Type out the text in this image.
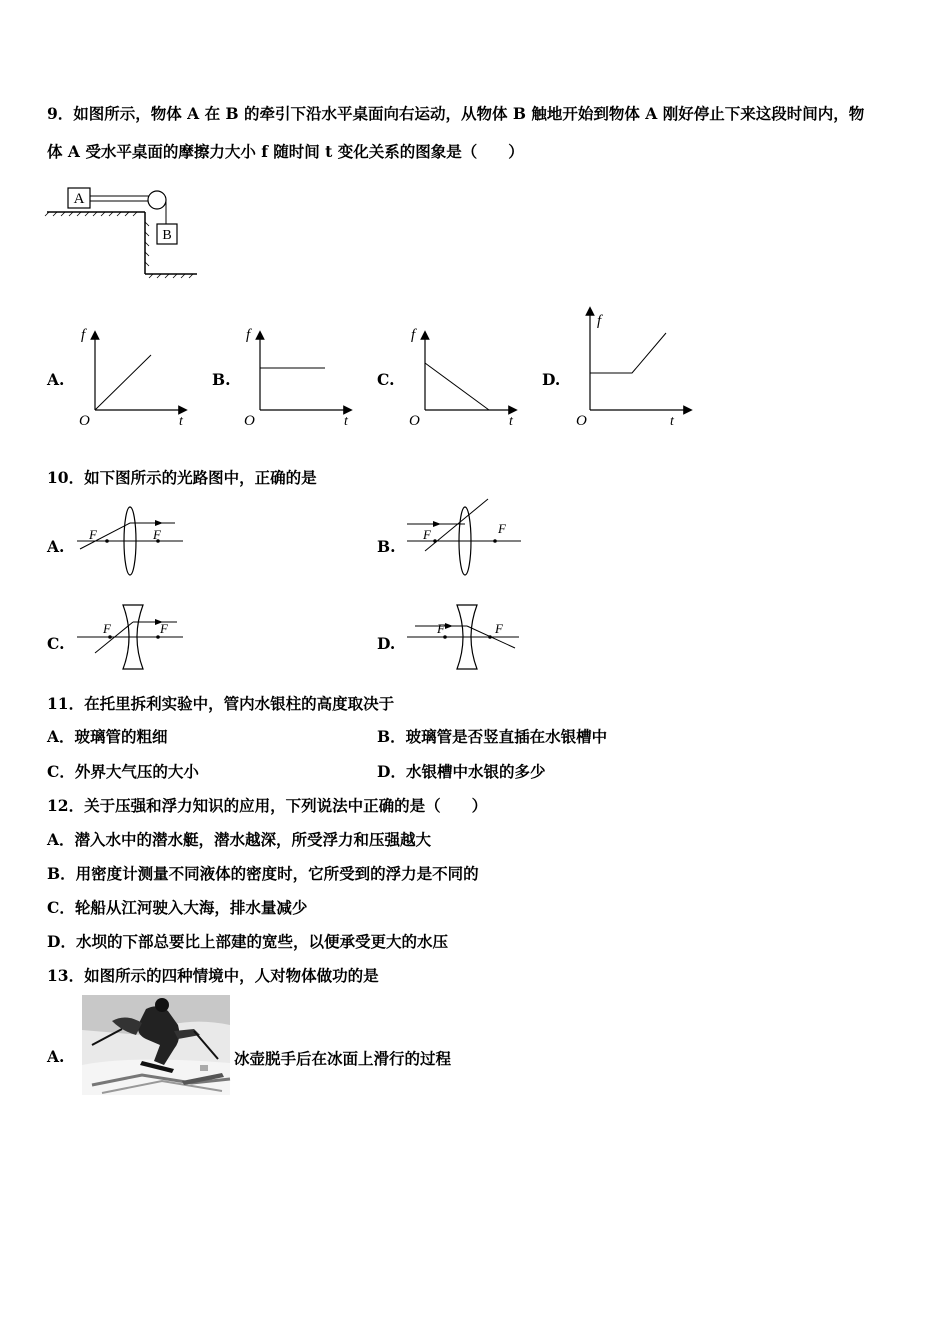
9．如图所示，物体 A 在 B 的牵引下沿水平桌面向右运动，从物体 B 触地开始到物体 A 刚好停止下来这段时间内，物
体 A 受水平桌面的摩擦力大小 f 随时间 t 变化关系的图象是（　　）
A
B
A.	B.	C.	D.
f
O	t
f
O	t
f
O	t
f
O	t
10．如下图所示的光路图中，正确的是
A.	B.
C.	D.
F	F	F	F
F	F	F	F
11．在托里拆利实验中，管内水银柱的高度取决于
A．玻璃管的粗细	B．玻璃管是否竖直插在水银槽中
C．外界大气压的大小	D．水银槽中水银的多少
12．关于压强和浮力知识的应用，下列说法中正确的是（　　）
A．潜入水中的潜水艇，潜水越深，所受浮力和压强越大
B．用密度计测量不同液体的密度时，它所受到的浮力是不同的
C．轮船从江河驶入大海，排水量减少
D．水坝的下部总要比上部建的宽些，以便承受更大的水压
13．如图所示的四种情境中，人对物体做功的是
A.	冰壶脱手后在冰面上滑行的过程
